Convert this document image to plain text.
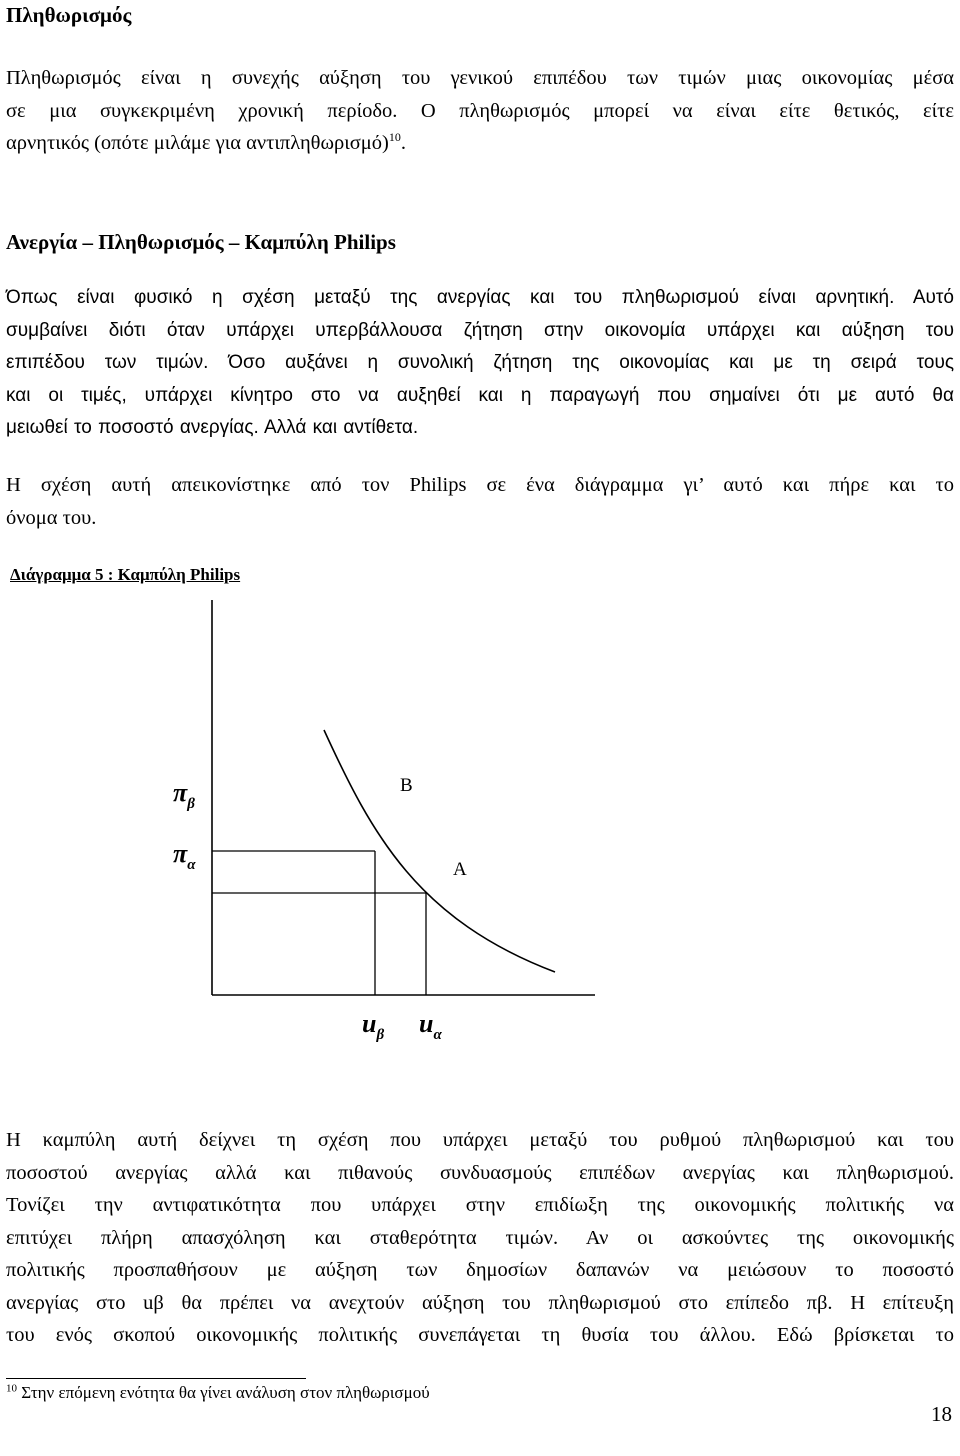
Πληθωρισμός

Πληθωρισμός είναι η συνεχής αύξηση του γενικού επιπέδου των τιμών μιας οικονομίας μέσα
σε μια συγκεκριμένη χρονική περίοδο. Ο πληθωρισμός μπορεί να είναι είτε θετικός, είτε
αρνητικός (οπότε μιλάμε για αντιπληθωρισμό)$^{10}$.

Ανεργία – Πληθωρισμός – Καμπύλη Philips

Όπως είναι φυσικό η σχέση μεταξύ της ανεργίας και του πληθωρισμού είναι αρνητική. Αυτό
συμβαίνει διότι όταν υπάρχει υπερβάλλουσα ζήτηση στην οικονομία υπάρχει και αύξηση του
επιπέδου των τιμών. Όσο αυξάνει η συνολική ζήτηση της οικονομίας και με τη σειρά τους
και οι τιμές, υπάρχει κίνητρο στο να αυξηθεί και η παραγωγή που σημαίνει ότι με αυτό θα
μειωθεί το ποσοστό ανεργίας. Αλλά και αντίθετα.

Η σχέση αυτή απεικονίστηκε από τον Philips σε ένα διάγραμμα γι’ αυτό και πήρε και το
όνομα του.

Διάγραμμα 5 : Καμπύλη Philips
B
A
$\pi_\beta$
$\pi_\alpha$
$u_\beta$ $u_\alpha$

Η καμπύλη αυτή δείχνει τη σχέση που υπάρχει μεταξύ του ρυθμού πληθωρισμού και του
ποσοστού ανεργίας αλλά και πιθανούς συνδυασμούς επιπέδων ανεργίας και πληθωρισμού.
Τονίζει την αντιφατικότητα που υπάρχει στην επιδίωξη της οικονομικής πολιτικής να
επιτύχει πλήρη απασχόληση και σταθερότητα τιμών. Αν οι ασκούντες της οικονομικής
πολιτικής προσπαθήσουν με αύξηση των δημοσίων δαπανών να μειώσουν το ποσοστό
ανεργίας στο uβ θα πρέπει να ανεχτούν αύξηση του πληθωρισμού στο επίπεδο πβ. Η επίτευξη
του ενός σκοπού οικονομικής πολιτικής συνεπάγεται τη θυσία του άλλου. Εδώ βρίσκεται το

$^{10}$ Στην επόμενη ενότητα θα γίνει ανάλυση στον πληθωρισμού
18
